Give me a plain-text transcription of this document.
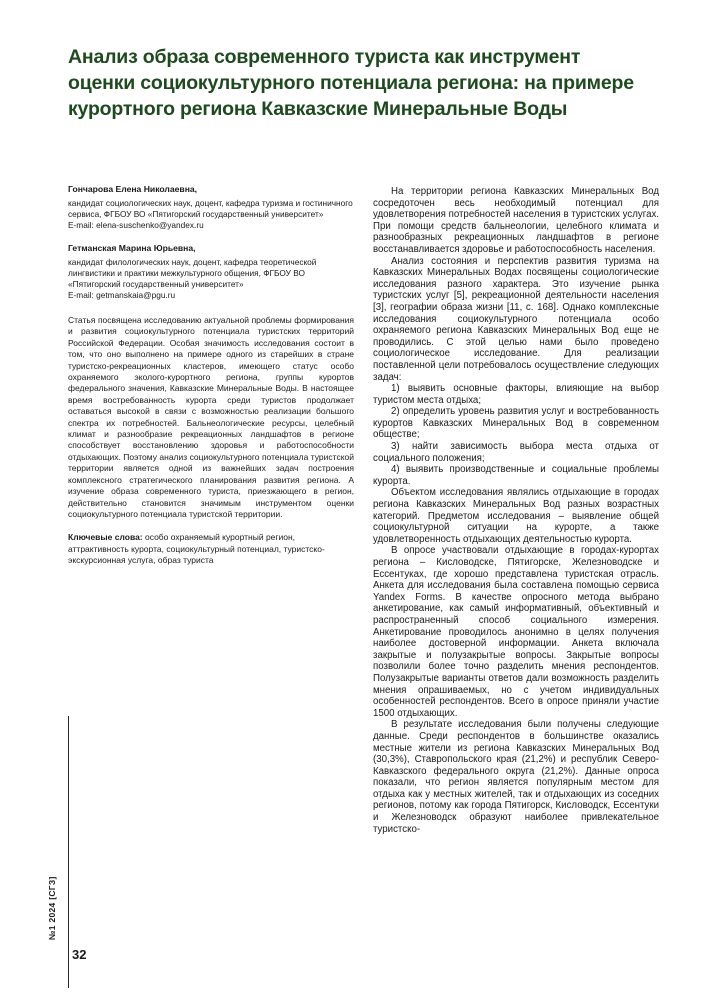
Анализ образа современного туриста как инструмент оценки социокультурного потенциала региона: на примере курортного региона Кавказские Минеральные Воды

Гончарова Елена Николаевна,

кандидат социологических наук, доцент, кафедра туризма и гостиничного сервиса, ФГБОУ ВО «Пятигорский государственный университет»
E-mail: elena-suschenko@yandex.ru

Гетманская Марина Юрьевна,

кандидат филологических наук, доцент, кафедра теоретической лингвистики и практики межкультурного общения, ФГБОУ ВО «Пятигорский государственный университет»
E-mail: getmanskaia@pgu.ru

Статья посвящена исследованию актуальной проблемы формирования и развития социокультурного потенциала туристских территорий Российской Федерации. Особая значимость исследования состоит в том, что оно выполнено на примере одного из старейших в стране туристско-рекреационных кластеров, имеющего статус особо охраняемого эколого-курортного региона, группы курортов федерального значения, Кавказские Минеральные Воды. В настоящее время востребованность курорта среди туристов продолжает оставаться высокой в связи с возможностью реализации большого спектра их потребностей. Бальнеологические ресурсы, целебный климат и разнообразие рекреационных ландшафтов в регионе способствует восстановлению здоровья и работоспособности отдыхающих. Поэтому анализ социокультурного потенциала туристской территории является одной из важнейших задач построения комплексного стратегического планирования развития региона. А изучение образа современного туриста, приезжающего в регион, действительно становится значимым инструментом оценки социокультурного потенциала туристской территории.

Ключевые слова: особо охраняемый курортный регион, аттрактивность курорта, социокультурный потенциал, туристско-экскурсионная услуга, образ туриста

На территории региона Кавказских Минеральных Вод сосредоточен весь необходимый потенциал для удовлетворения потребностей населения в туристских услугах. При помощи средств бальнеологии, целебного климата и разнообразных рекреационных ландшафтов в регионе восстанавливается здоровье и работоспособность населения.

Анализ состояния и перспектив развития туризма на Кавказских Минеральных Водах посвящены социологические исследования разного характера. Это изучение рынка туристских услуг [5], рекреационной деятельности населения [3], географии образа жизни [11, с. 168]. Однако комплексные исследования социокультурного потенциала особо охраняемого региона Кавказских Минеральных Вод еще не проводились. С этой целью нами было проведено социологическое исследование. Для реализации поставленной цели потребовалось осуществление следующих задач:

1) выявить основные факторы, влияющие на выбор туристом места отдыха;

2) определить уровень развития услуг и востребованность курортов Кавказских Минеральных Вод в современном обществе;

3) найти зависимость выбора места отдыха от социального положения;

4) выявить производственные и социальные проблемы курорта.

Объектом исследования являлись отдыхающие в городах региона Кавказских Минеральных Вод разных возрастных категорий. Предметом исследования – выявление общей социокультурной ситуации на курорте, а также удовлетворенность отдыхающих деятельностью курорта.

В опросе участвовали отдыхающие в городах-курортах региона – Кисловодске, Пятигорске, Железноводске и Ессентуках, где хорошо представлена туристская отрасль. Анкета для исследования была составлена помощью сервиса Yandex Forms. В качестве опросного метода выбрано анкетирование, как самый информативный, объективный и распространенный способ социального измерения. Анкетирование проводилось анонимно в целях получения наиболее достоверной информации. Анкета включала закрытые и полузакрытые вопросы. Закрытые вопросы позволили более точно разделить мнения респондентов. Полузакрытые варианты ответов дали возможность разделить мнения опрашиваемых, но с учетом индивидуальных особенностей респондентов. Всего в опросе приняли участие 1500 отдыхающих.

В результате исследования были получены следующие данные. Среди респондентов в большинстве оказались местные жители из региона Кавказских Минеральных Вод (30,3%), Ставропольского края (21,2%) и республик Северо-Кавказского федерального округа (21,2%). Данные опроса показали, что регион является популярным местом для отдыха как у местных жителей, так и отдыхающих из соседних регионов, потому как города Пятигорск, Кисловодск, Ессентуки и Железноводск образуют наиболее привлекательное туристско-

№1 2024 [СГЗ]
32
